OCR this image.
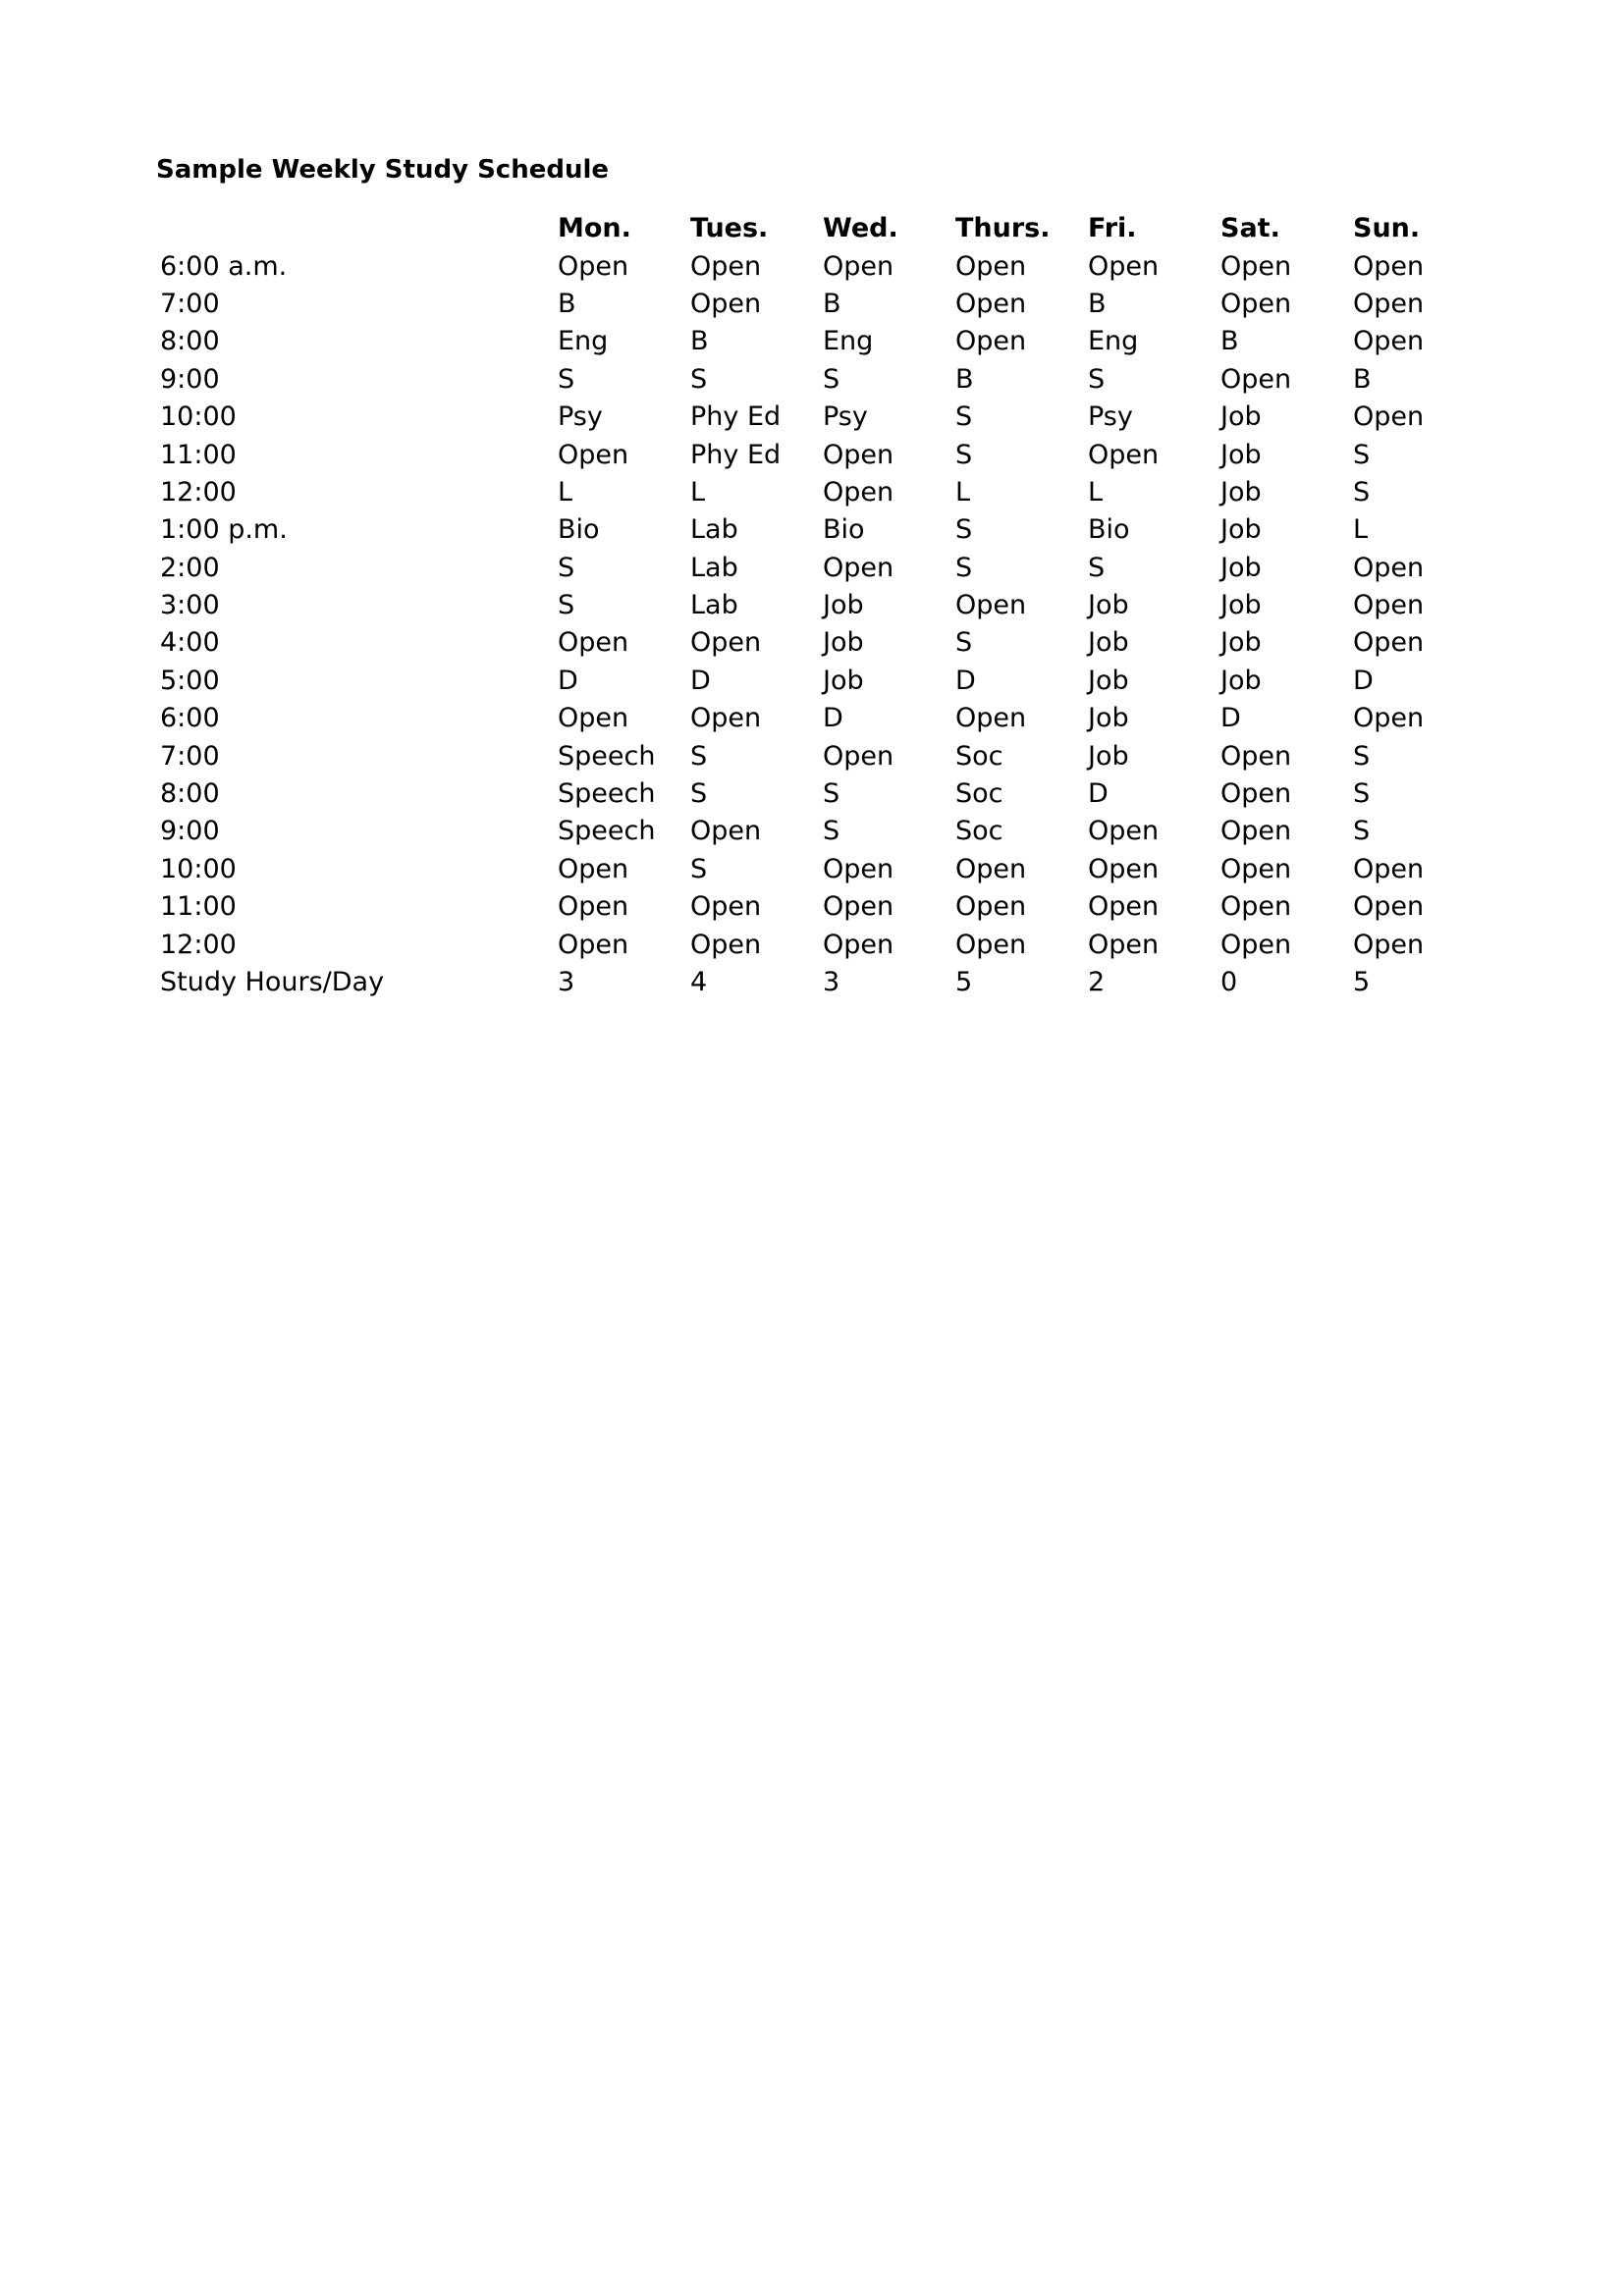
Sample Weekly Study Schedule
	Mon.	Tues.	Wed.	Thurs.	Fri.	Sat.	Sun.
6:00 a.m.	Open	Open	Open	Open	Open	Open	Open
7:00	B	Open	B	Open	B	Open	Open
8:00	Eng	B	Eng	Open	Eng	B	Open
9:00	S	S	S	B	S	Open	B
10:00	Psy	Phy Ed	Psy	S	Psy	Job	Open
11:00	Open	Phy Ed	Open	S	Open	Job	S
12:00	L	L	Open	L	L	Job	S
1:00 p.m.	Bio	Lab	Bio	S	Bio	Job	L
2:00	S	Lab	Open	S	S	Job	Open
3:00	S	Lab	Job	Open	Job	Job	Open
4:00	Open	Open	Job	S	Job	Job	Open
5:00	D	D	Job	D	Job	Job	D
6:00	Open	Open	D	Open	Job	D	Open
7:00	Speech	S	Open	Soc	Job	Open	S
8:00	Speech	S	S	Soc	D	Open	S
9:00	Speech	Open	S	Soc	Open	Open	S
10:00	Open	S	Open	Open	Open	Open	Open
11:00	Open	Open	Open	Open	Open	Open	Open
12:00	Open	Open	Open	Open	Open	Open	Open
Study Hours/Day	3	4	3	5	2	0	5
